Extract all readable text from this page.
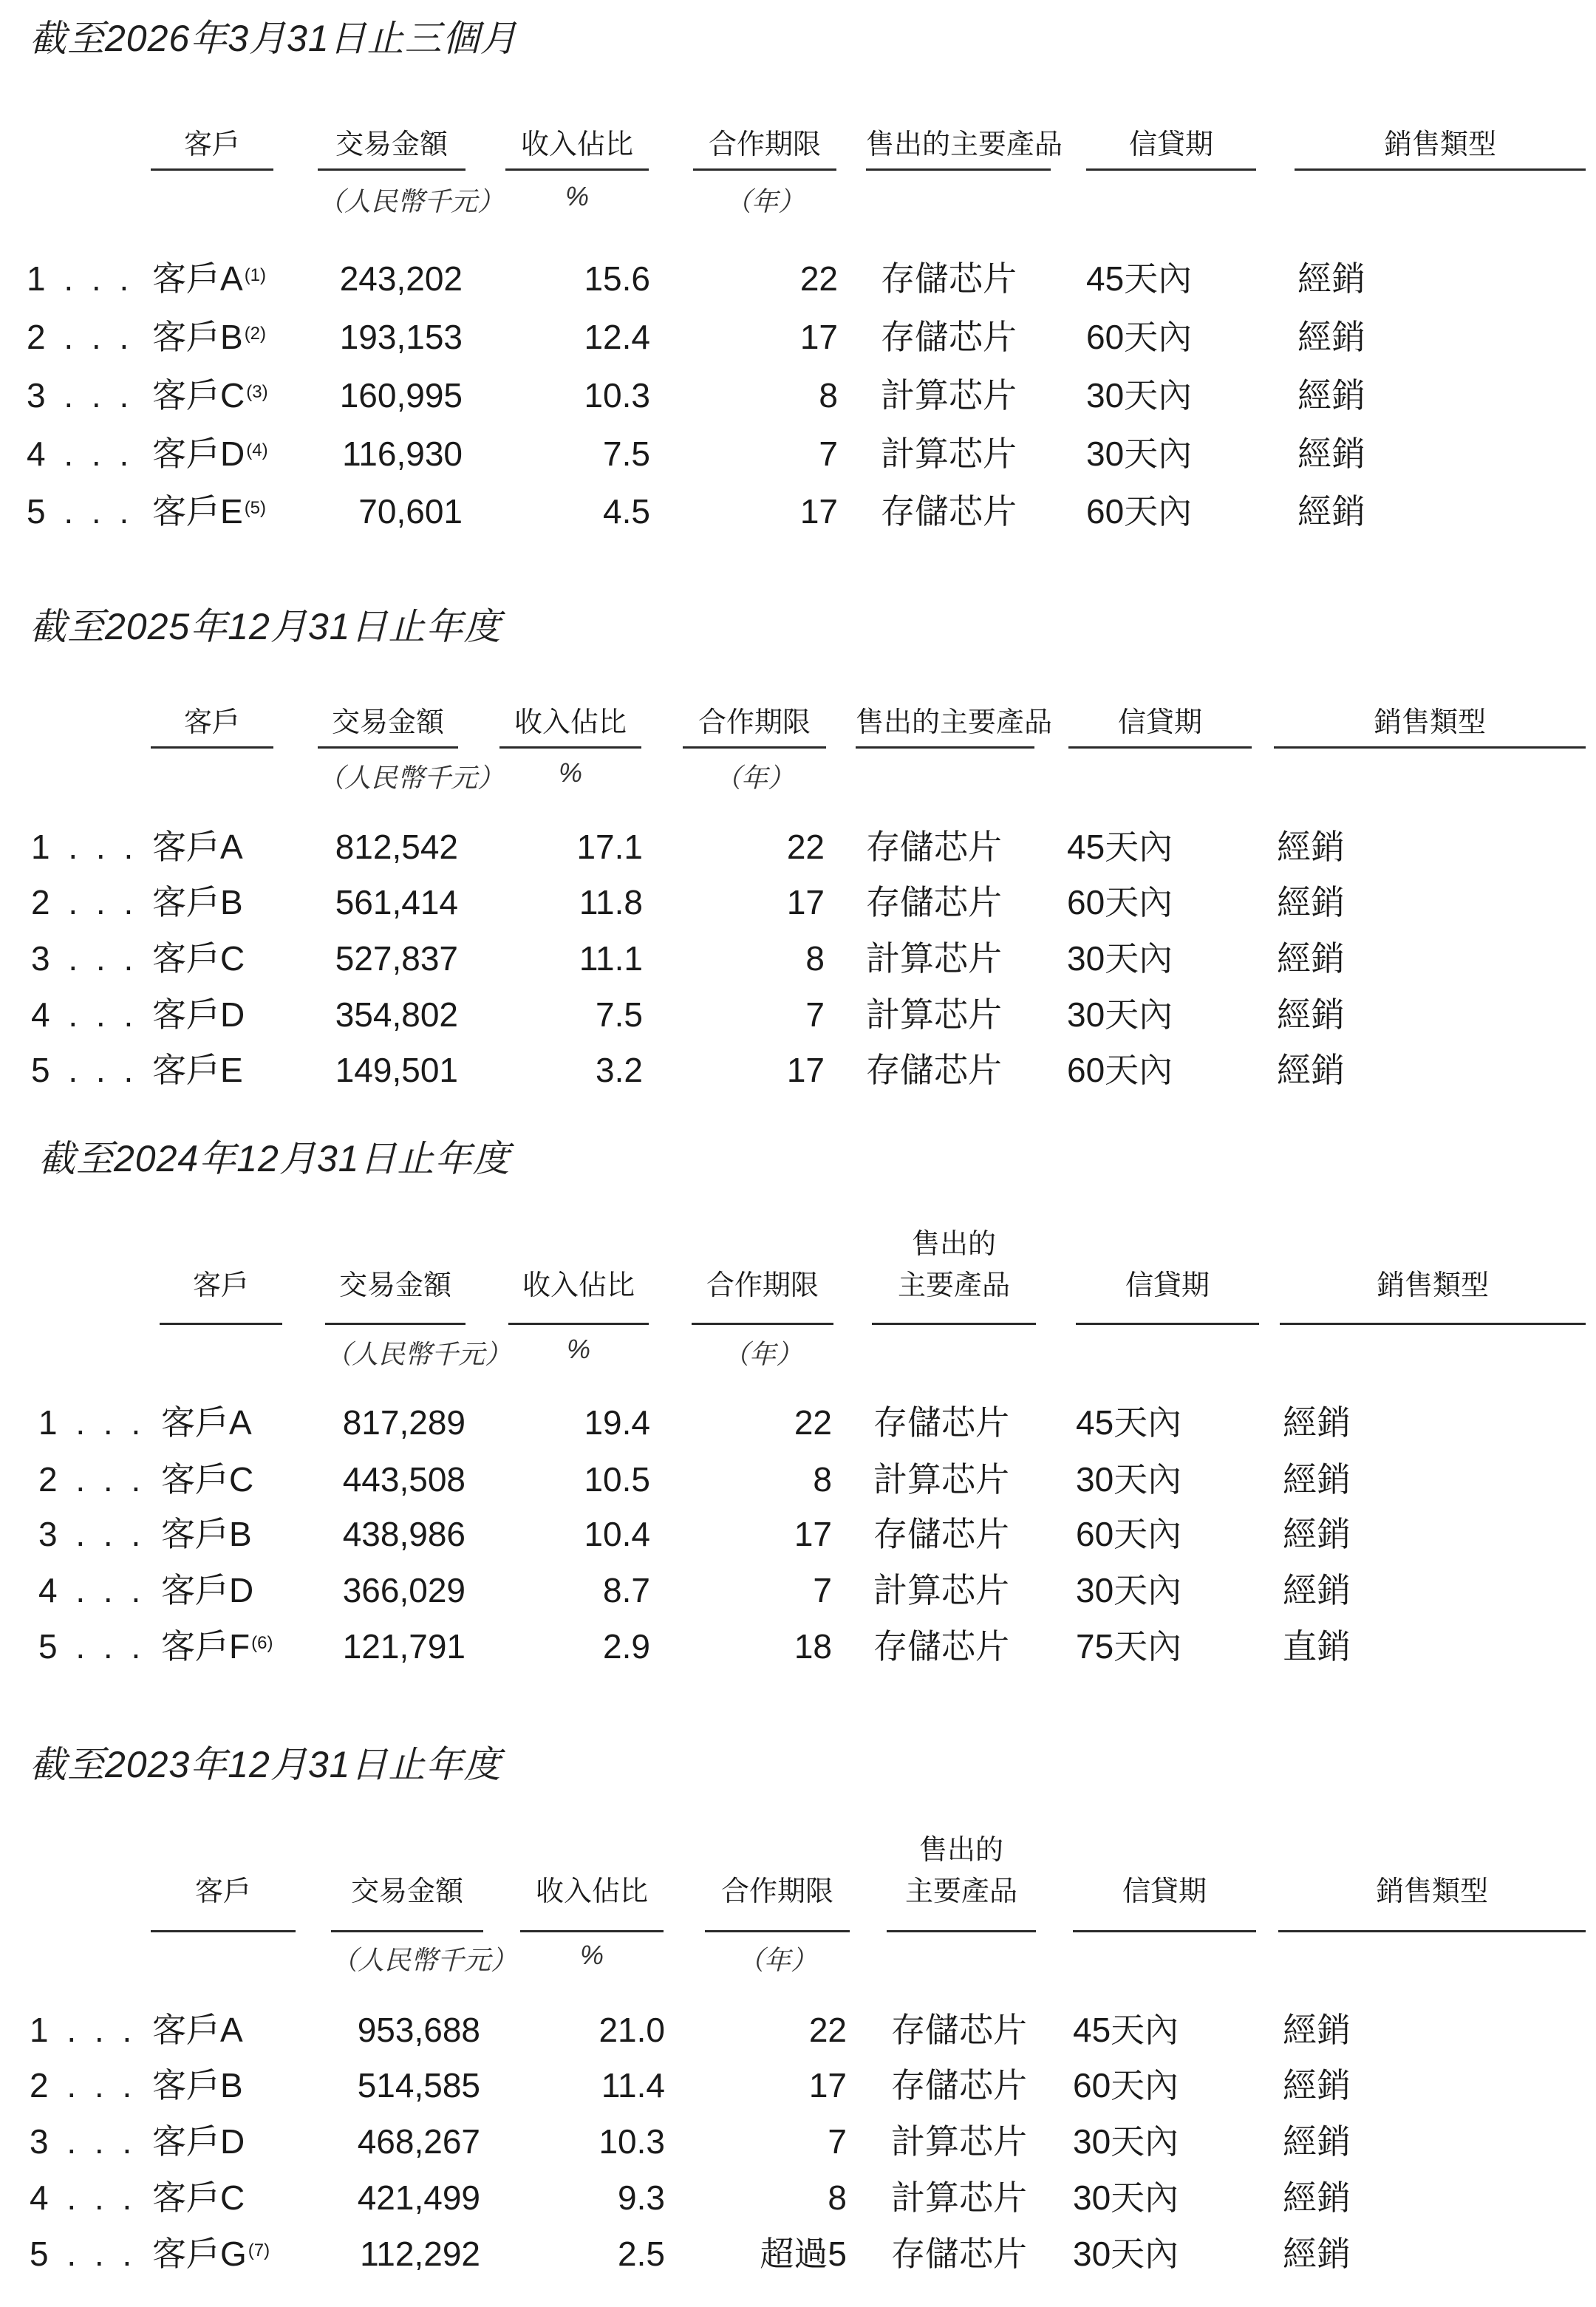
截至2026年3月31日止三個月
客戶	交易金額	收入佔比	合作期限	售出的主要產品	信貸期	銷售類型
（人民幣千元）	%	（年）
1 . . . 客戶$A^{(1)}$	243,202	15.6	22 存儲芯片 45天內	經銷
2 . . . 客戶$B^{(2)}$	193,153	12.4	17 存儲芯片 60天內	經銷
3 . . . 客戶$C^{(3)}$	160,995	10.3	8 計算芯片 30天內	經銷
4 . . . 客戶$D^{(4)}$	116,930	7.5	7 計算芯片 30天內	經銷
5 . . . 客戶$E^{(5)}$	70,601	4.5	17 存儲芯片 60天內	經銷
截至2025年12月31日止年度
客戶	交易金額	收入佔比	合作期限	售出的主要產品	信貸期	銷售類型
（人民幣千元）	%	（年）
1 . . . 客戶A	812,542	17.1	22 存儲芯片 45天內	經銷
2 . . . 客戶B	561,414	11.8	17 存儲芯片 60天內	經銷
3 . . . 客戶C	527,837	11.1	8 計算芯片 30天內	經銷
4 . . . 客戶D	354,802	7.5	7 計算芯片 30天內	經銷
5 . . . 客戶E	149,501	3.2	17 存儲芯片 60天內	經銷
截至2024年12月31日止年度
客戶	交易金額	收入佔比	合作期限
售出的
主要產品	信貸期	銷售類型
（人民幣千元）	%	（年）
1 . . . 客戶A	817,289	19.4	22 存儲芯片 45天內	經銷
2 . . . 客戶C	443,508	10.5	8 計算芯片 30天內	經銷
3 . . . 客戶B	438,986	10.4	17 存儲芯片 60天內	經銷
4 . . . 客戶D	366,029	8.7	7 計算芯片 30天內	經銷
5 . . . 客戶$F^{(6)}$	121,791	2.9	18 存儲芯片 75天內	直銷
截至2023年12月31日止年度
客戶	交易金額	收入佔比	合作期限
售出的
主要產品	信貸期	銷售類型
（人民幣千元）	%	（年）
1 . . . 客戶A	953,688	21.0	22 存儲芯片 45天內	經銷
2 . . . 客戶B	514,585	11.4	17 存儲芯片 60天內	經銷
3 . . . 客戶D	468,267	10.3	7 計算芯片 30天內	經銷
4 . . . 客戶C	421,499	9.3	8 計算芯片 30天內	經銷
5 . . . 客戶$G^{(7)}$	112,292	2.5	超過5 存儲芯片 30天內	經銷
